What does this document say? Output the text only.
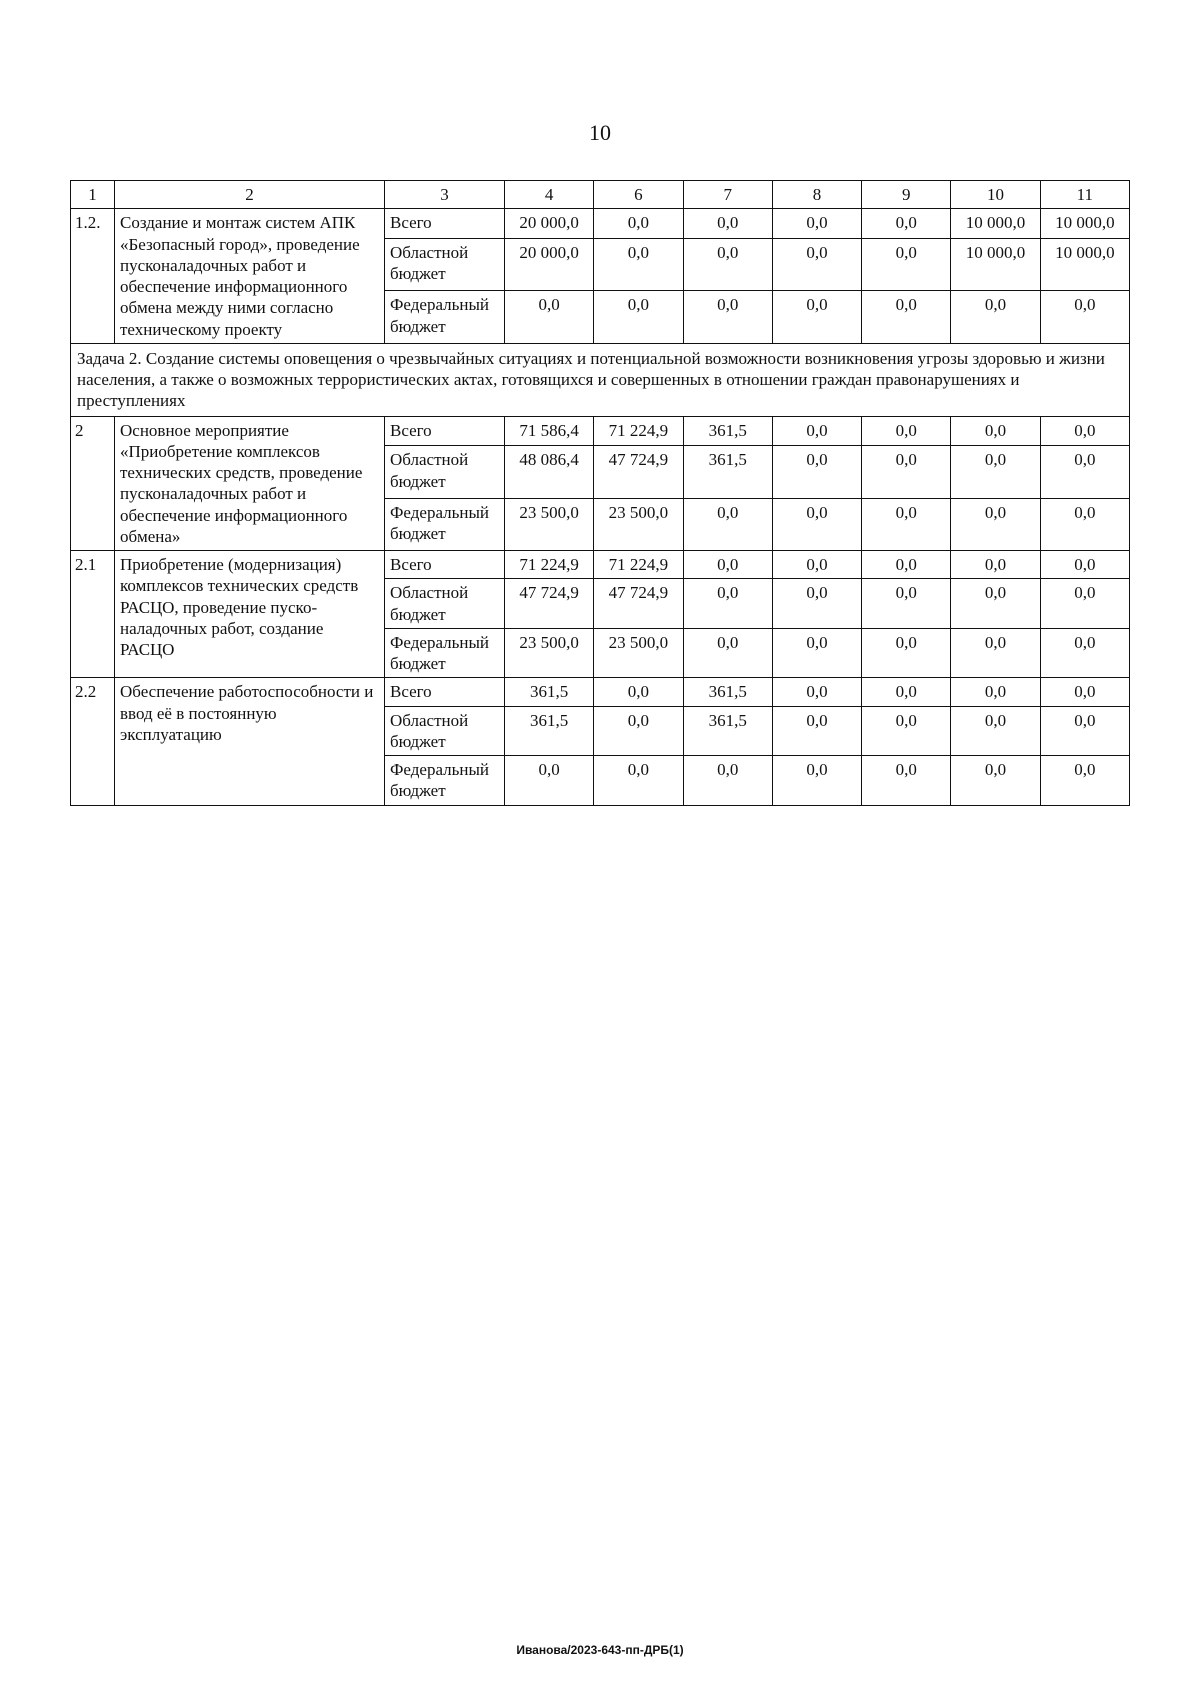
10
1	2	3	4	6	7	8	9	10	11
1.2.	Создание и монтаж систем АПК «Безопасный город», проведение пусконаладочных работ и обеспечение информационного обмена между ними согласно техническому проекту	Всего	20 000,0	0,0	0,0	0,0	0,0	10 000,0	10 000,0
		Областной бюджет	20 000,0	0,0	0,0	0,0	0,0	10 000,0	10 000,0
		Федеральный бюджет	0,0	0,0	0,0	0,0	0,0	0,0	0,0
Задача 2. Создание системы оповещения о чрезвычайных ситуациях и потенциальной возможности возникновения угрозы здоровью и жизни населения, а также о возможных террористических актах, готовящихся и совершенных в отношении граждан правонарушениях и преступлениях									
2	Основное мероприятие «Приобретение комплексов технических средств, проведение пусконаладочных работ и обеспечение информационного обмена»	Всего	71 586,4	71 224,9	361,5	0,0	0,0	0,0	0,0
		Областной бюджет	48 086,4	47 724,9	361,5	0,0	0,0	0,0	0,0
		Федеральный бюджет	23 500,0	23 500,0	0,0	0,0	0,0	0,0	0,0
2.1	Приобретение (модернизация) комплексов технических средств РАСЦО, проведение пуско-наладочных работ, создание РАСЦО	Всего	71 224,9	71 224,9	0,0	0,0	0,0	0,0	0,0
		Областной бюджет	47 724,9	47 724,9	0,0	0,0	0,0	0,0	0,0
		Федеральный бюджет	23 500,0	23 500,0	0,0	0,0	0,0	0,0	0,0
2.2	Обеспечение работоспособности и ввод её в постоянную эксплуатацию	Всего	361,5	0,0	361,5	0,0	0,0	0,0	0,0
		Областной бюджет	361,5	0,0	361,5	0,0	0,0	0,0	0,0
		Федеральный бюджет	0,0	0,0	0,0	0,0	0,0	0,0	0,0
Иванова/2023-643-пп-ДРБ(1)
